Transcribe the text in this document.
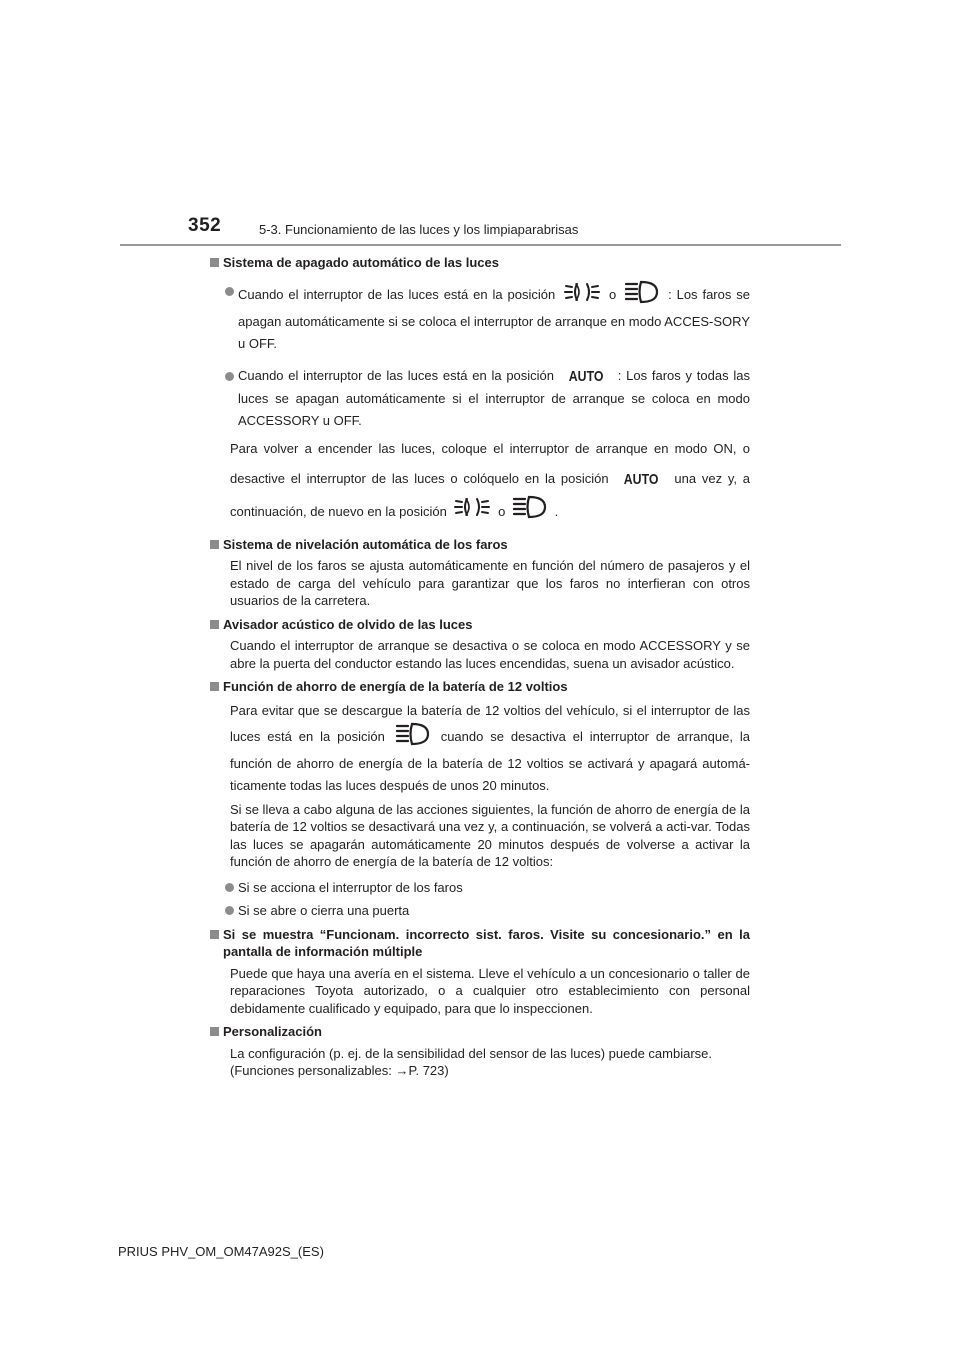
352	5-3. Funcionamiento de las luces y los limpiaparabrisas
Sistema de apagado automático de las luces
Cuando el interruptor de las luces está en la posición	o	: Los faros se apagan automáticamente si se coloca el interruptor de arranque en modo ACCES-SORY u OFF.
Cuando el interruptor de las luces está en la posición AUTO : Los faros y todas las luces se apagan automáticamente si el interruptor de arranque se coloca en modo ACCESSORY u OFF.
Para volver a encender las luces, coloque el interruptor de arranque en modo ON, o desactive el interruptor de las luces o colóquelo en la posición AUTO una vez y, a continuación, de nuevo en la posición	o	.
Sistema de nivelación automática de los faros
El nivel de los faros se ajusta automáticamente en función del número de pasajeros y el estado de carga del vehículo para garantizar que los faros no interfieran con otros usuarios de la carretera.
Avisador acústico de olvido de las luces
Cuando el interruptor de arranque se desactiva o se coloca en modo ACCESSORY y se abre la puerta del conductor estando las luces encendidas, suena un avisador acústico.
Función de ahorro de energía de la batería de 12 voltios
Para evitar que se descargue la batería de 12 voltios del vehículo, si el interruptor de las luces está en la posición	cuando se desactiva el interruptor de arranque, la función de ahorro de energía de la batería de 12 voltios se activará y apagará automá-ticamente todas las luces después de unos 20 minutos.
Si se lleva a cabo alguna de las acciones siguientes, la función de ahorro de energía de la batería de 12 voltios se desactivará una vez y, a continuación, se volverá a acti-var. Todas las luces se apagarán automáticamente 20 minutos después de volverse a activar la función de ahorro de energía de la batería de 12 voltios:
Si se acciona el interruptor de los faros
Si se abre o cierra una puerta
Si se muestra “Funcionam. incorrecto sist. faros. Visite su concesionario.” en la pantalla de información múltiple
Puede que haya una avería en el sistema. Lleve el vehículo a un concesionario o taller de reparaciones Toyota autorizado, o a cualquier otro establecimiento con personal debidamente cualificado y equipado, para que lo inspeccionen.
Personalización
La configuración (p. ej. de la sensibilidad del sensor de las luces) puede cambiarse.
(Funciones personalizables: →P. 723)
PRIUS PHV_OM_OM47A92S_(ES)
